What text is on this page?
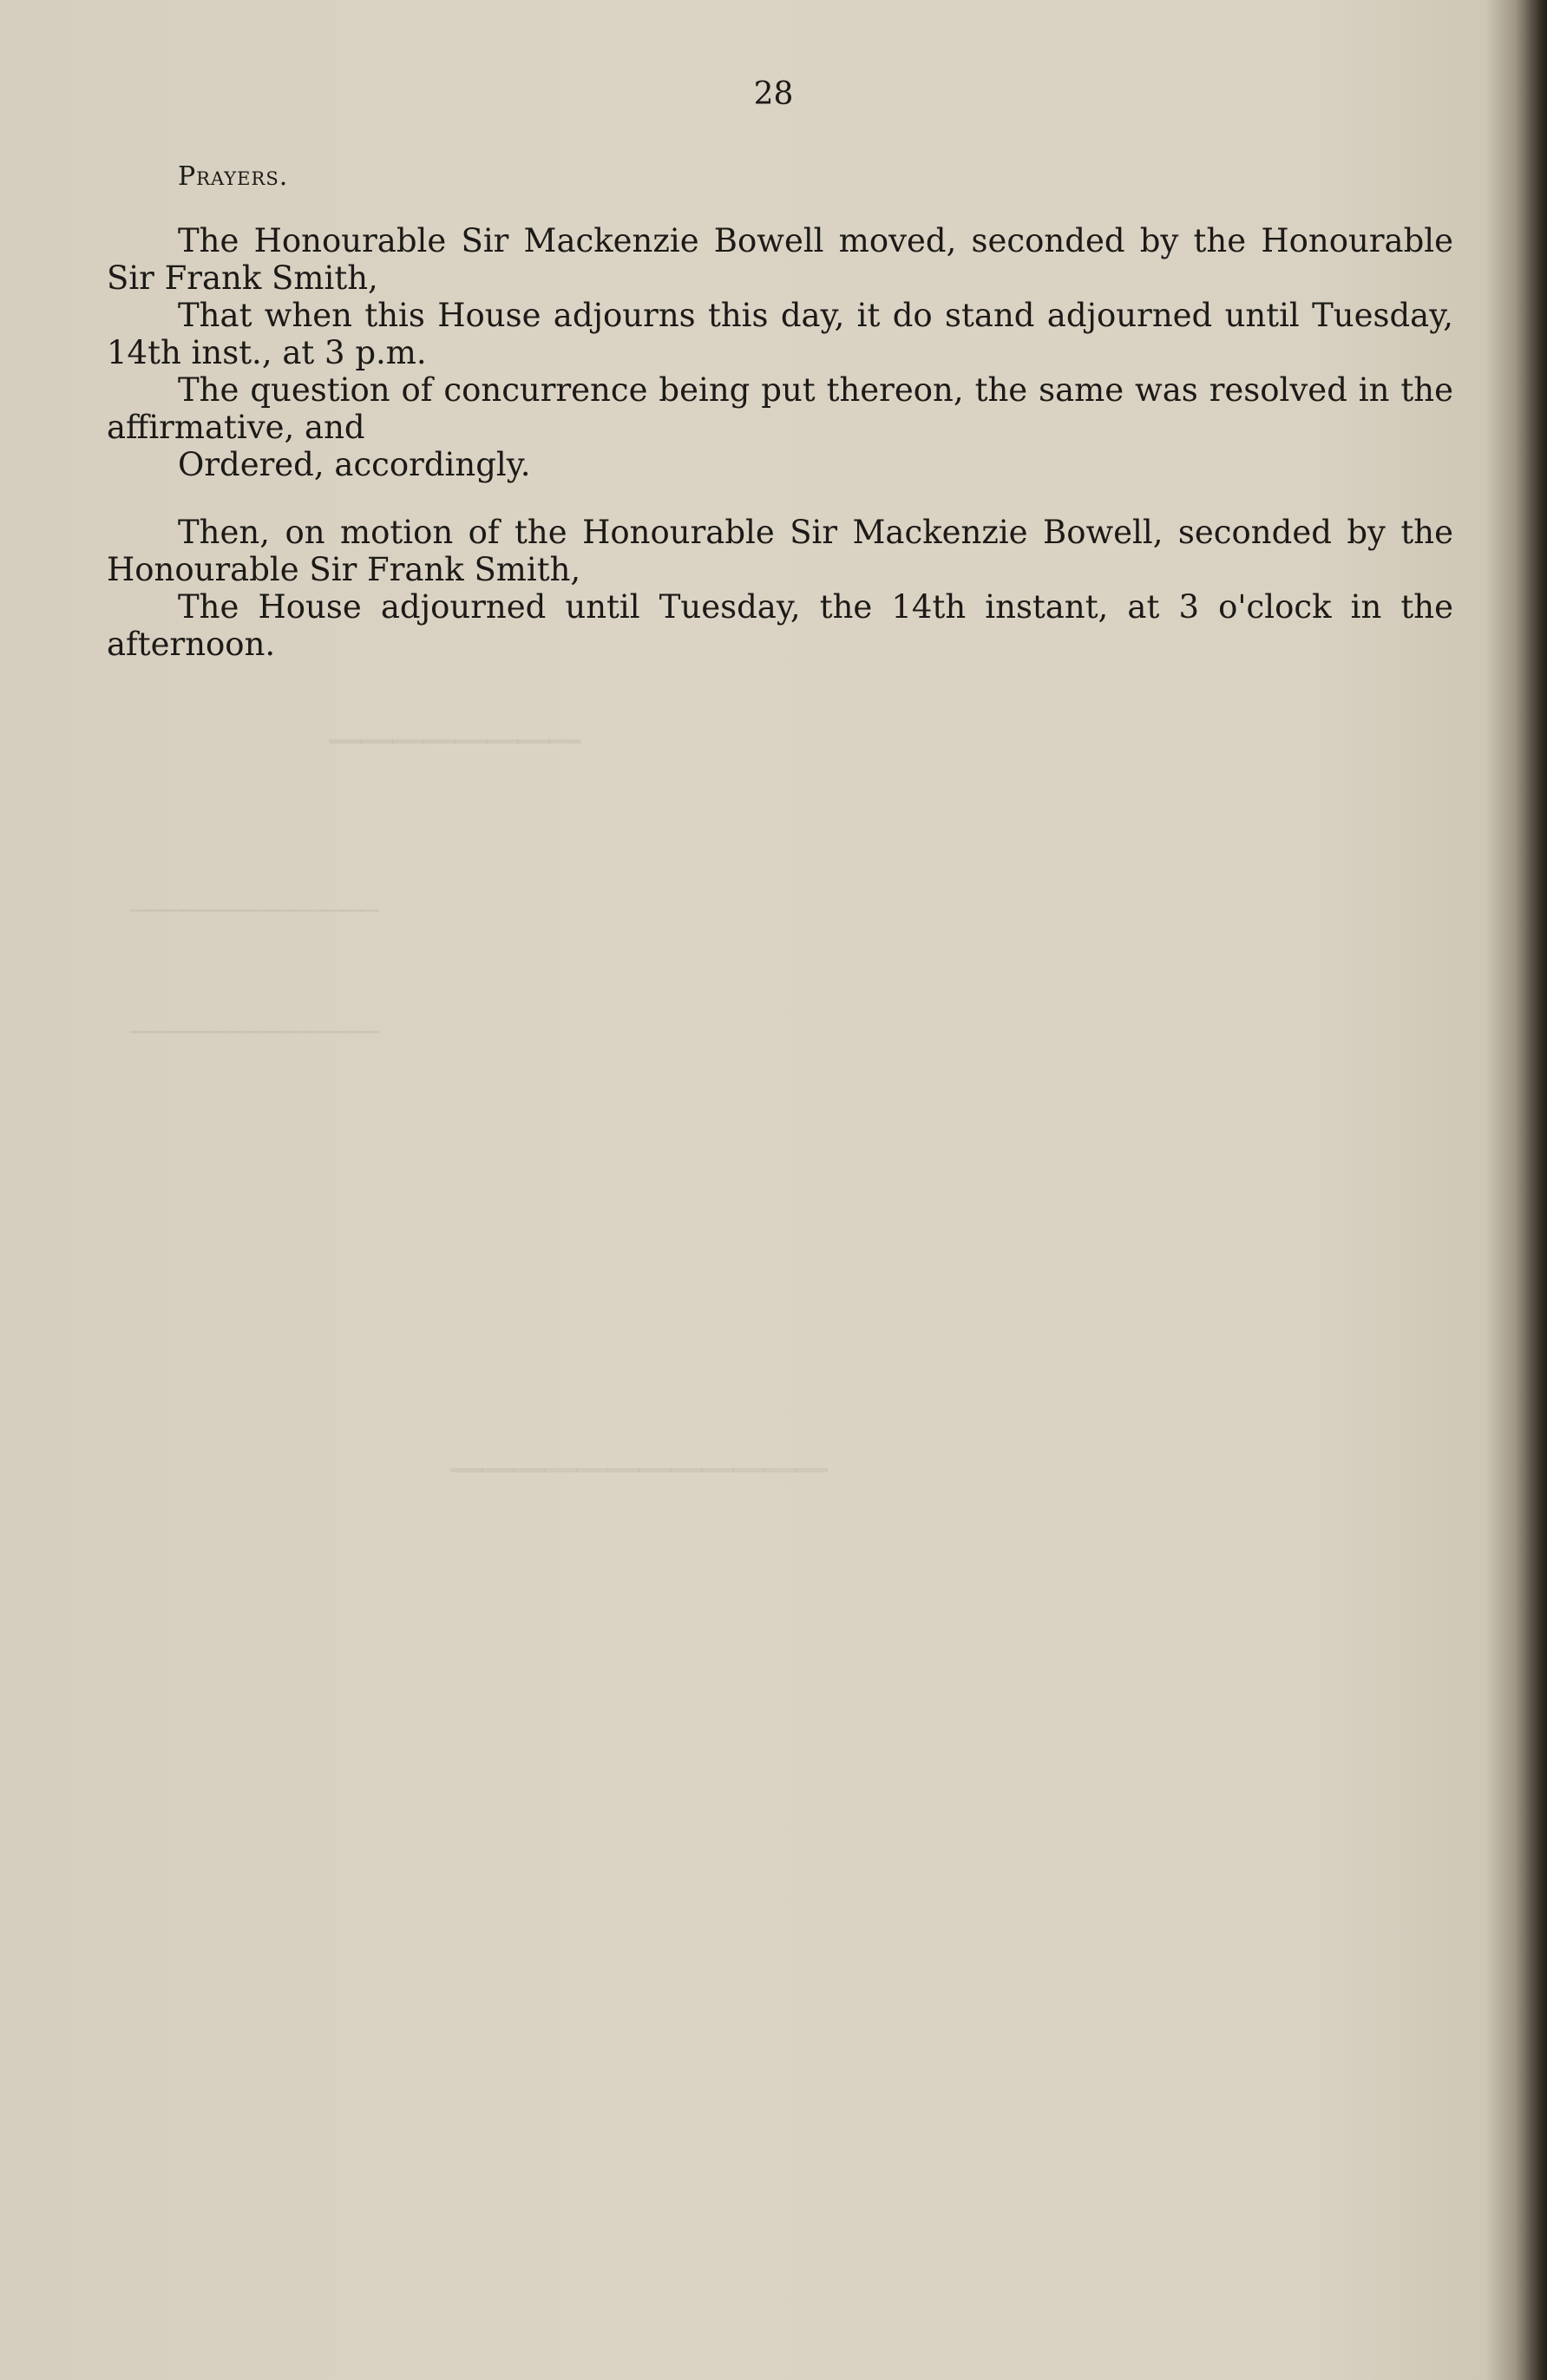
────────
──────────────
──────────────
────────────
28
Prayers.

The Honourable Sir Mackenzie Bowell moved, seconded by the Honourable Sir Frank Smith,

That when this House adjourns this day, it do stand adjourned until Tuesday, 14th inst., at 3 p.m.

The question of concurrence being put thereon, the same was resolved in the affirmative, and

Ordered, accordingly.

Then, on motion of the Honourable Sir Mackenzie Bowell, seconded by the Honourable Sir Frank Smith,

The House adjourned until Tuesday, the 14th instant, at 3 o'clock in the afternoon.
